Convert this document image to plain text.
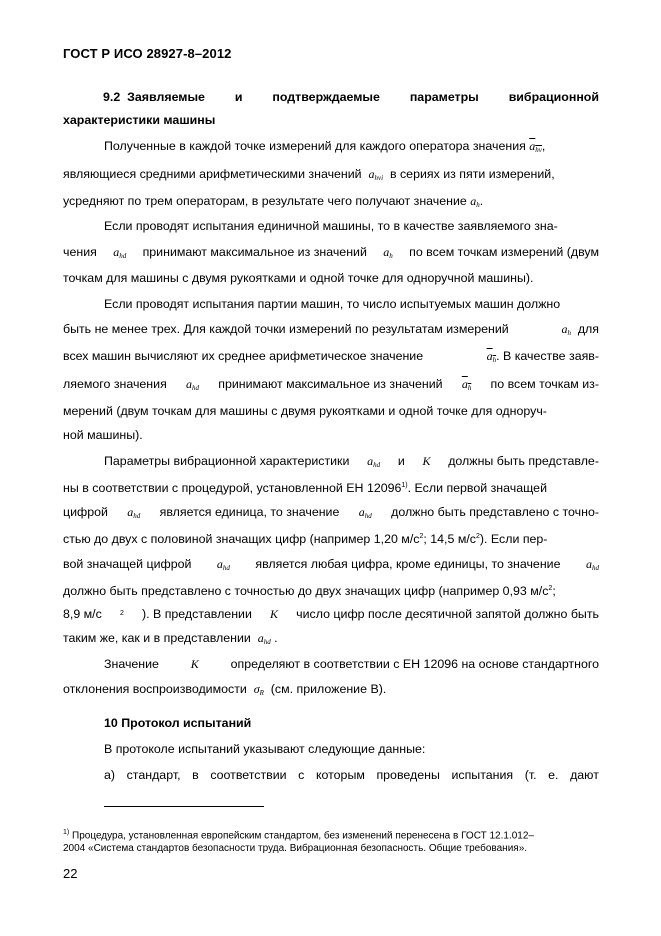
ГОСТ Р ИСО 28927-8–2012
9.2 Заявляемые и подтверждаемые параметры вибрационной
характеристики машины
Полученные в каждой точке измерений для каждого оператора значения $a_{hv}$,
являющиеся средними арифметическими значений $a_{hvi}$ в сериях из пяти измерений,
усредняют по трем операторам, в результате чего получают значение $a_h$.
Если проводят испытания единичной машины, то в качестве заявляемого зна-
чения $a_{hd}$ принимают максимальное из значений $a_h$ по всем точкам измерений (двум
точкам для машины с двумя рукоятками и одной точке для одноручной машины).
Если проводят испытания партии машин, то число испытуемых машин должно
быть не менее трех. Для каждой точки измерений по результатам измерений	$a_h$ для
всех машин вычисляют их среднее арифметическое значение	$a_h$. В качестве заяв-
ляемого значения $a_{hd}$ принимают максимальное из значений $a_h$ по всем точкам из-
мерений (двум точкам для машины с двумя рукоятками и одной точке для одноруч-
ной машины).
Параметры вибрационной характеристики $a_{hd}$ и K должны быть представле-
ны в соответствии с процедурой, установленной ЕН 12096$^{1)}$. Если первой значащей
цифрой $a_{hd}$ является единица, то значение $a_{hd}$ должно быть представлено с точно-
стью до двух с половиной значащих цифр (например 1,20 $м/с^2$; 14,5 $м/с^2$). Если пер-
вой значащей цифрой $a_{hd}$ является любая цифра, кроме единицы, то значение $a_{hd}$
должно быть представлено с точностью до двух значащих цифр (например 0,93 $м/с^2$;
8,9 м/с	2 ). В представлении K число цифр после десятичной запятой должно быть
таким же, как и в представлении $a_{hd}$ .
Значение	K	определяют в соответствии с ЕН 12096 на основе стандартного
отклонения воспроизводимости $\sigma_R$ (см. приложение В).
10 Протокол испытаний
В протоколе испытаний указывают следующие данные:
а) стандарт, в соответствии с которым проведены испытания (т. е. дают
$^{1)}$ Процедура, установленная европейским стандартом, без изменений перенесена в ГОСТ 12.1.012–
2004 «Система стандартов безопасности труда. Вибрационная безопасность. Общие требования».
22
